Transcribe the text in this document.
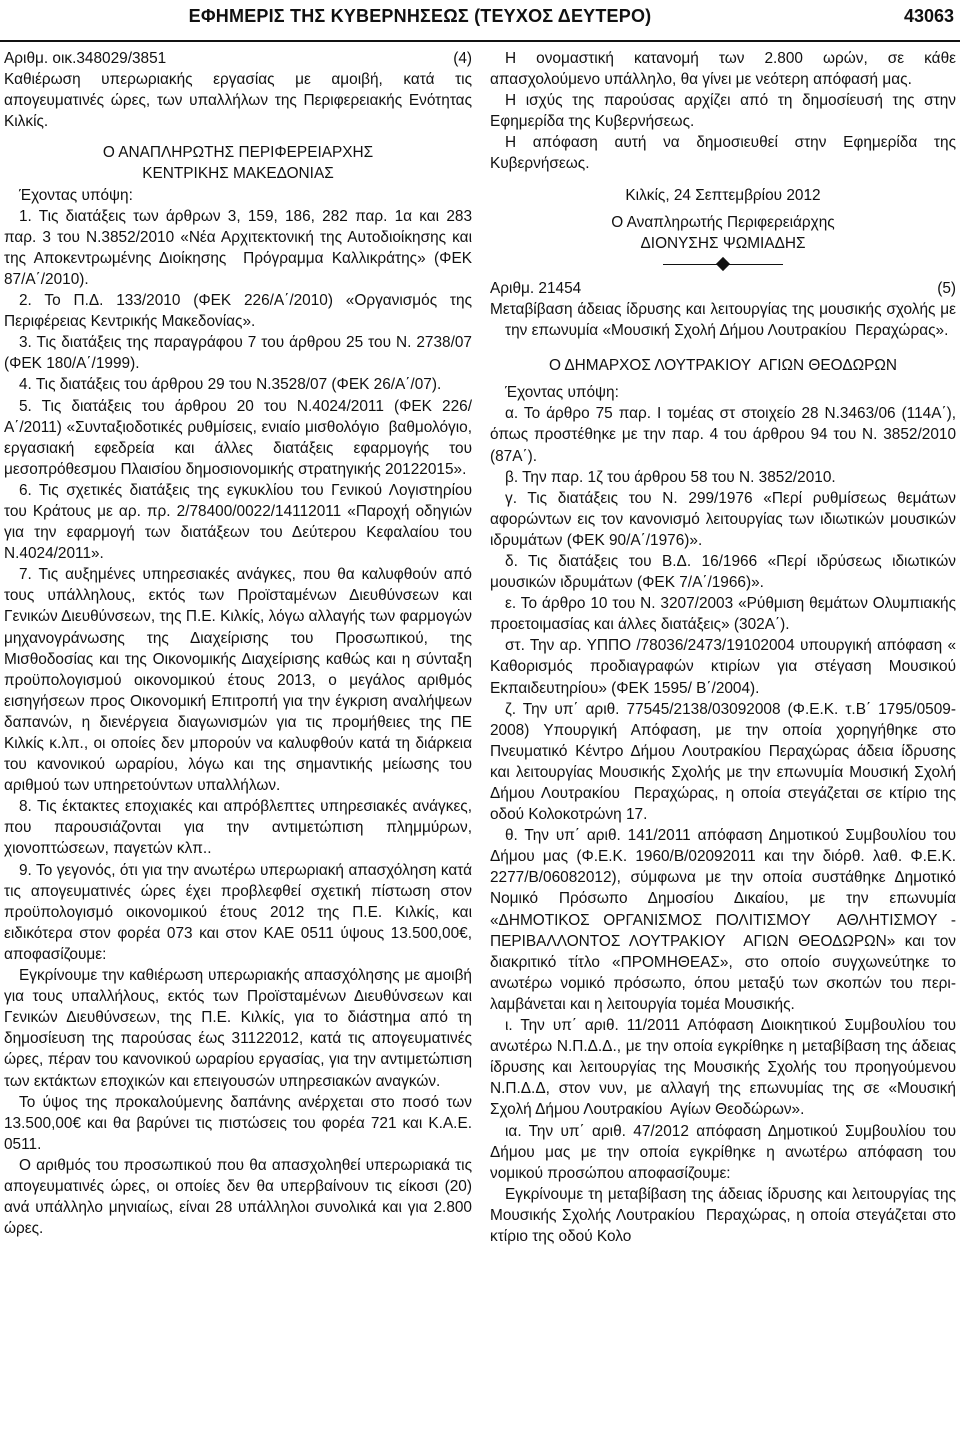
ΕΦΗΜΕΡΙΣ ΤΗΣ ΚΥΒΕΡΝΗΣΕΩΣ (ΤΕΥΧΟΣ ΔΕΥΤΕΡΟ)	43063
Αριθμ. οικ.348029/3851	(4)

Καθιέρωση υπερωριακής εργασίας με αμοιβή, κατά τις απογευματινές ώρες, των υπαλλήλων της Περιφερειακής Ενότητας Κιλκίς.

Ο ΑΝΑΠΛΗΡΩΤΗΣ ΠΕΡΙΦΕΡΕΙΑΡΧΗΣ

ΚΕΝΤΡΙΚΗΣ ΜΑΚΕΔΟΝΙΑΣ

Έχοντας υπόψη:

1. Τις διατάξεις των άρθρων 3, 159, 186, 282 παρ. 1α και 283 παρ. 3 του Ν.3852/2010 «Νέα Αρχιτεκτονική της Αυτοδιοίκησης και της Αποκεντρωμένης Διοίκησης Πρόγραμμα Καλλικράτης» (ΦΕΚ 87/Α΄/2010).

2. Το Π.Δ. 133/2010 (ΦΕΚ 226/Α΄/2010) «Οργανισμός της Περιφέρειας Κεντρικής Μακεδονίας».

3. Τις διατάξεις της παραγράφου 7 του άρθρου 25 του Ν. 2738/07 (ΦΕΚ 180/Α΄/1999).

4. Τις διατάξεις του άρθρου 29 του Ν.3528/07 (ΦΕΚ 26/Α΄/07).

5. Τις διατάξεις του άρθρου 20 του Ν.4024/2011 (ΦΕΚ 226/Α΄/2011) «Συνταξιοδοτικές ρυθμίσεις, ενιαίο μισθολόγιο βαθμολόγιο, εργασιακή εφεδρεία και άλλες διατάξεις εφαρμογής του μεσοπρόθεσμου Πλαισίου δημοσιονομικής στρατηγικής 20122015».

6. Τις σχετικές διατάξεις της εγκυκλίου του Γενικού Λογιστηρίου του Κράτους με αρ. πρ. 2/78400/0022/14112011 «Παροχή οδηγιών για την εφαρμογή των διατάξεων του Δεύτερου Κεφαλαίου του Ν.4024/2011».

7. Τις αυξημένες υπηρεσιακές ανάγκες, που θα καλυφθούν από τους υπάλληλους, εκτός των Προϊσταμένων Διευθύνσεων και Γενικών Διευθύνσεων, της Π.Ε. Κιλκίς, λόγω αλλαγής των φαρμογών μηχανογράνωσης της Διαχείρισης του Προσωπικού, της Μισθοδοσίας και της Οικονομικής Διαχείρισης καθώς και η σύνταξη προϋπολογισμού οικονομικού έτους 2013, ο μεγάλος αριθμός εισηγήσεων προς Οικονομική Επιτροπή για την έγκριση αναλήψεων δαπανών, η διενέργεια διαγωνισμών για τις προμήθειες της ΠΕ Κιλκίς κ.λπ., οι οποίες δεν μπορούν να καλυφθούν κατά τη διάρκεια του κανονικού ωραρίου, λόγω και της σημαντικής μείωσης του αριθμού των υπηρετούντων υπαλλήλων.

8. Τις έκτακτες εποχιακές και απρόβλεπτες υπηρεσιακές ανάγκες, που παρουσιάζονται για την αντιμετώπιση πλημμύρων, χιονοπτώσεων, παγετών κλπ..

9. Το γεγονός, ότι για την ανωτέρω υπερωριακή απασχόληση κατά τις απογευματινές ώρες έχει προβλεφθεί σχετική πίστωση στον προϋπολογισμό οικονομικού έτους 2012 της Π.Ε. Κιλκίς, και ειδικότερα στον φορέα 073 και στον ΚΑΕ 0511 ύψους 13.500,00€, αποφασίζουμε:

Εγκρίνουμε την καθιέρωση υπερωριακής απασχόλησης με αμοιβή για τους υπαλλήλους, εκτός των Προϊσταμένων Διευθύνσεων και Γενικών Διευθύνσεων, της Π.Ε. Κιλκίς, για το διάστημα από τη δημοσίευση της παρούσας έως 31122012, κατά τις απογευματινές ώρες, πέραν του κανονικού ωραρίου εργασίας, για την αντιμετώπιση των εκτάκτων εποχικών και επειγουσών υπηρεσιακών αναγκών.

Το ύψος της προκαλούμενης δαπάνης ανέρχεται στο ποσό των 13.500,00€ και θα βαρύνει τις πιστώσεις του φορέα 721 και Κ.Α.Ε. 0511.

Ο αριθμός του προσωπικού που θα απασχοληθεί υπερωριακά τις απογευματινές ώρες, οι οποίες δεν θα υπερβαίνουν τις είκοσι (20) ανά υπάλληλο μηνιαίως, είναι 28 υπάλληλοι συνολικά και για 2.800 ώρες.

Η ονομαστική κατανομή των 2.800 ωρών, σε κάθε απασχολούμενο υπάλληλο, θα γίνει με νεότερη απόφασή μας.

Η ισχύς της παρούσας αρχίζει από τη δημοσίευσή της στην Εφημερίδα της Κυβερνήσεως.

Η απόφαση αυτή να δημοσιευθεί στην Εφημερίδα της Κυβερνήσεως.

Κιλκίς, 24 Σεπτεμβρίου 2012

Ο Αναπληρωτής Περιφερειάρχης

ΔΙΟΝΥΣΗΣ ΨΩΜΙΑΔΗΣ

Αριθμ. 21454	(5)

Μεταβίβαση άδειας ίδρυσης και λειτουργίας της μουσικής σχολής με την επωνυμία «Μουσική Σχολή Δήμου Λουτρακίου Περαχώρας».

Ο ΔΗΜΑΡΧΟΣ ΛΟΥΤΡΑΚΙΟΥ ΑΓΙΩΝ ΘΕΟΔΩΡΩΝ

Έχοντας υπόψη:

α. Το άρθρο 75 παρ. Ι τομέας στ στοιχείο 28 Ν.3463/06 (114Α΄), όπως προστέθηκε με την παρ. 4 του άρθρου 94 του Ν. 3852/2010 (87Α΄).

β. Την παρ. 1ζ του άρθρου 58 του Ν. 3852/2010.

γ. Τις διατάξεις του Ν. 299/1976 «Περί ρυθμίσεως θεμάτων αφορώντων εις τον κανονισμό λειτουργίας των ιδιωτικών μουσικών ιδρυμάτων (ΦΕΚ 90/Α΄/1976)».

δ. Τις διατάξεις του Β.Δ. 16/1966 «Περί ιδρύσεως ιδιωτικών μουσικών ιδρυμάτων (ΦΕΚ 7/Α΄/1966)».

ε. Το άρθρο 10 του Ν. 3207/2003 «Ρύθμιση θεμάτων Ολυμπιακής προετοιμασίας και άλλες διατάξεις» (302Α΄).

στ. Την αρ. ΥΠΠΟ /78036/2473/19102004 υπουργική απόφαση « Καθορισμός προδιαγραφών κτιρίων για στέγαση Μουσικού Εκπαιδευτηρίου» (ΦΕΚ 1595/ Β΄/2004).

ζ. Την υπ΄ αριθ. 77545/2138/03092008 (Φ.Ε.Κ. τ.Β΄ 1795/05092008) Υπουργική Απόφαση, με την οποία χορηγήθηκε στο Πνευματικό Κέντρο Δήμου Λουτρακίου Περαχώρας άδεια ίδρυσης και λειτουργίας Μουσικής Σχολής με την επωνυμία Μουσική Σχολή Δήμου Λουτρακίου Περαχώρας, η οποία στεγάζεται σε κτίριο της οδού Κολοκοτρώνη 17.

θ. Την υπ΄ αριθ. 141/2011 απόφαση Δημοτικού Συμβουλίου του Δήμου μας (Φ.Ε.Κ. 1960/Β/02092011 και την διόρθ. λαθ. Φ.Ε.Κ. 2277/Β/06082012), σύμφωνα με την οποία συστάθηκε Δημοτικό Νομικό Πρόσωπο Δημοσίου Δικαίου, με την επωνυμία «ΔΗΜΟΤΙΚΟΣ ΟΡΓΑΝΙΣΜΟΣ ΠΟΛΙΤΙΣΜΟΥ ΑΘΛΗΤΙΣΜΟΥ ΠΕΡΙΒΑΛΛΟΝΤΟΣ ΛΟΥΤΡΑΚΙΟΥ ΑΓΙΩΝ ΘΕΟΔΩΡΩΝ» και τον διακριτικό τίτλο «ΠΡΟΜΗΘΕΑΣ», στο οποίο συγχωνεύτηκε το ανωτέρω νομικό πρόσωπο, όπου μεταξύ των σκοπών του περιλαμβάνεται και η λειτουργία τομέα Μουσικής.

ι. Την υπ΄ αριθ. 11/2011 Απόφαση Διοικητικού Συμβουλίου του ανωτέρω Ν.Π.Δ.Δ., με την οποία εγκρίθηκε η μεταβίβαση της άδειας ίδρυσης και λειτουργίας της Μουσικής Σχολής του προηγούμενου Ν.Π.Δ.Δ, στον νυν, με αλλαγή της επωνυμίας της σε «Μουσική Σχολή Δήμου Λουτρακίου Αγίων Θεοδώρων».

ια. Την υπ΄ αριθ. 47/2012 απόφαση Δημοτικού Συμβουλίου του Δήμου μας με την οποία εγκρίθηκε η ανωτέρω απόφαση του νομικού προσώπου αποφασίζουμε:

Εγκρίνουμε τη μεταβίβαση της άδειας ίδρυσης και λειτουργίας της Μουσικής Σχολής Λουτρακίου Περαχώρας, η οποία στεγάζεται στο κτίριο της οδού Κολο
